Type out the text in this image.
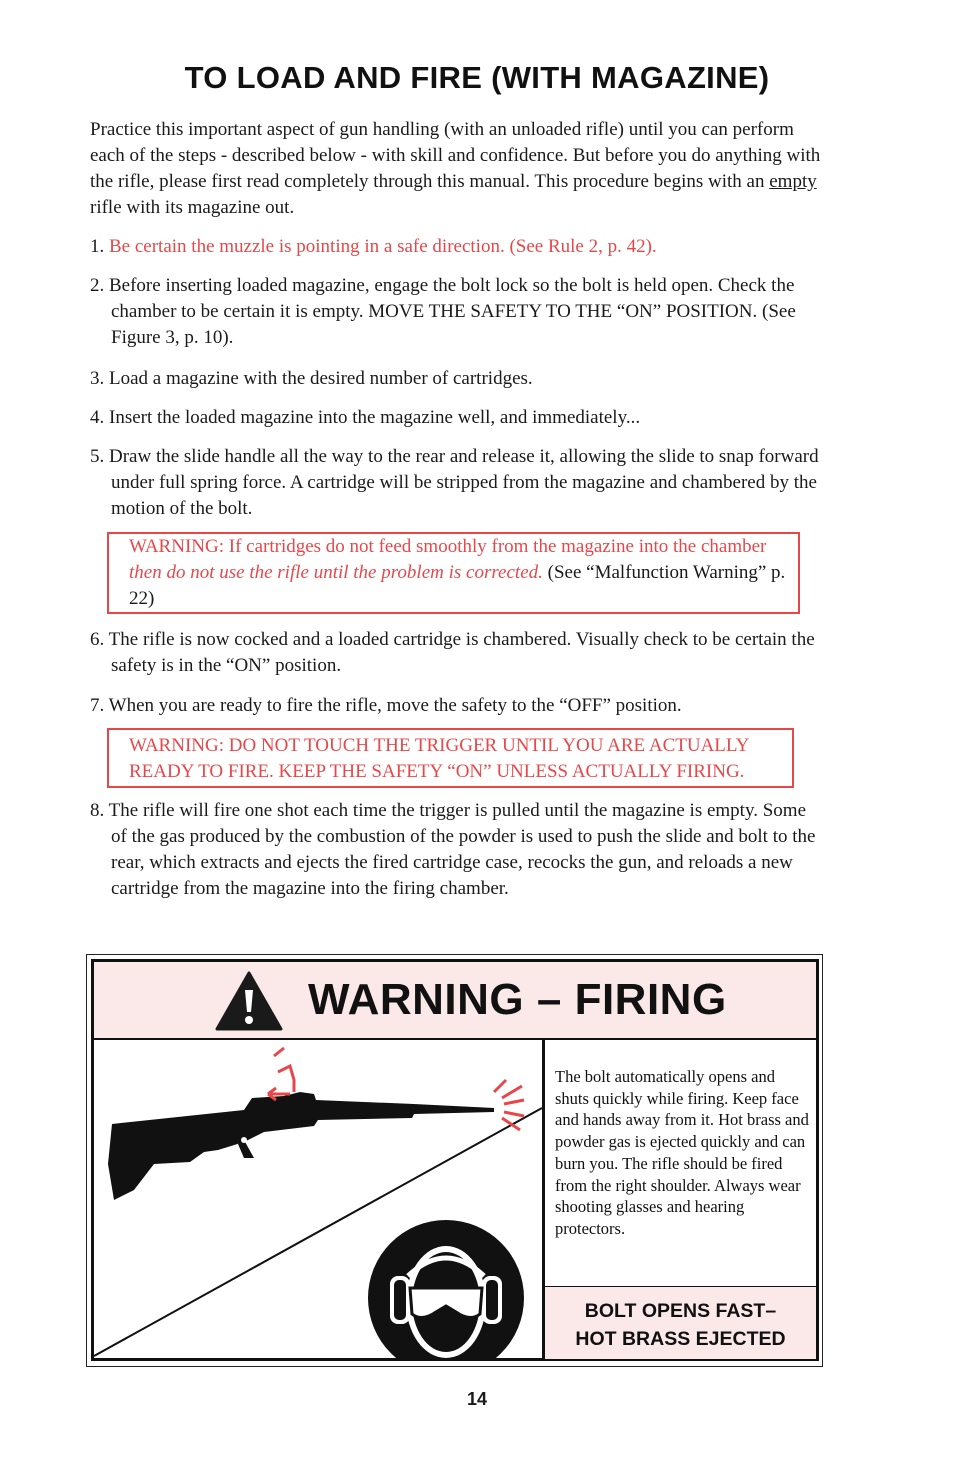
TO LOAD AND FIRE (WITH MAGAZINE)
Practice this important aspect of gun handling (with an unloaded rifle) until you can perform each of the steps - described below - with skill and confidence. But before you do anything with the rifle, please first read completely through this manual. This procedure begins with an empty rifle with its magazine out.
1. Be certain the muzzle is pointing in a safe direction. (See Rule 2, p. 42).
2. Before inserting loaded magazine, engage the bolt lock so the bolt is held open. Check the chamber to be certain it is empty. MOVE THE SAFETY TO THE “ON” POSITION. (See Figure 3, p. 10).
3. Load a magazine with the desired number of cartridges.
4. Insert the loaded magazine into the magazine well, and immediately...
5. Draw the slide handle all the way to the rear and release it, allowing the slide to snap forward under full spring force. A cartridge will be stripped from the magazine and chambered by the motion of the bolt.
WARNING: If cartridges do not feed smoothly from the magazine into the chamber then do not use the rifle until the problem is corrected. (See “Malfunction Warning” p. 22)
6. The rifle is now cocked and a loaded cartridge is chambered. Visually check to be certain the safety is in the “ON” position.
7. When you are ready to fire the rifle, move the safety to the “OFF” position.
WARNING: DO NOT TOUCH THE TRIGGER UNTIL YOU ARE ACTUALLY READY TO FIRE. KEEP THE SAFETY “ON” UNLESS ACTUALLY FIRING.
8. The rifle will fire one shot each time the trigger is pulled until the magazine is empty. Some of the gas produced by the combustion of the powder is used to push the slide and bolt to the rear, which extracts and ejects the fired cartridge case, recocks the gun, and reloads a new cartridge from the magazine into the firing chamber.
WARNING – FIRING
The bolt automatically opens and shuts quickly while firing. Keep face and hands away from it. Hot brass and powder gas is ejected quickly and can burn you. The rifle should be fired from the right shoulder. Always wear shooting glasses and hearing protectors.
BOLT OPENS FAST–
HOT BRASS EJECTED
14
